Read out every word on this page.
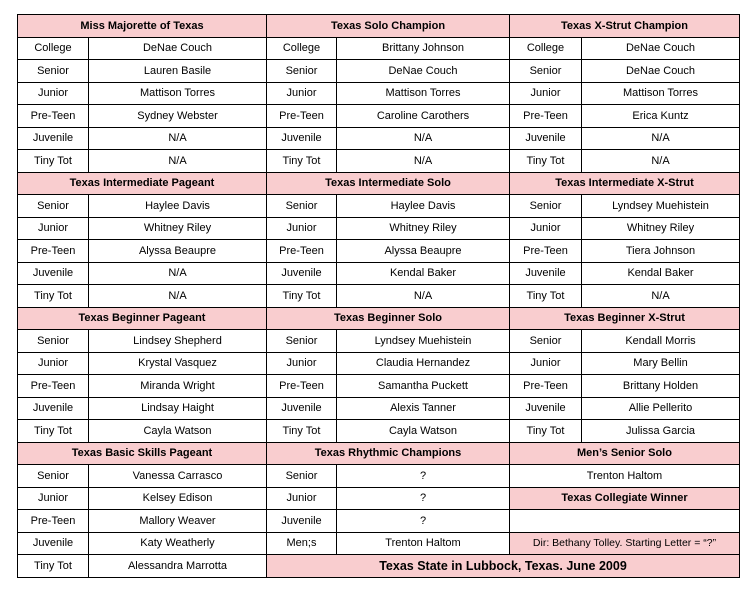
Miss Majorette of Texas		Texas Solo Champion		Texas X-Strut Champion	
College	DeNae Couch	College	Brittany Johnson	College	DeNae Couch
Senior	Lauren Basile	Senior	DeNae Couch	Senior	DeNae Couch
Junior	Mattison Torres	Junior	Mattison Torres	Junior	Mattison Torres
Pre-Teen	Sydney Webster	Pre-Teen	Caroline Carothers	Pre-Teen	Erica Kuntz
Juvenile	N/A	Juvenile	N/A	Juvenile	N/A
Tiny Tot	N/A	Tiny Tot	N/A	Tiny Tot	N/A
Texas Intermediate Pageant		Texas Intermediate Solo		Texas Intermediate X-Strut	
Senior	Haylee Davis	Senior	Haylee Davis	Senior	Lyndsey Muehistein
Junior	Whitney Riley	Junior	Whitney Riley	Junior	Whitney Riley
Pre-Teen	Alyssa Beaupre	Pre-Teen	Alyssa Beaupre	Pre-Teen	Tiera Johnson
Juvenile	N/A	Juvenile	Kendal Baker	Juvenile	Kendal Baker
Tiny Tot	N/A	Tiny Tot	N/A	Tiny Tot	N/A
Texas Beginner Pageant		Texas Beginner Solo		Texas Beginner X-Strut	
Senior	Lindsey Shepherd	Senior	Lyndsey Muehistein	Senior	Kendall Morris
Junior	Krystal Vasquez	Junior	Claudia Hernandez	Junior	Mary Bellin
Pre-Teen	Miranda Wright	Pre-Teen	Samantha Puckett	Pre-Teen	Brittany Holden
Juvenile	Lindsay Haight	Juvenile	Alexis Tanner	Juvenile	Allie Pellerito
Tiny Tot	Cayla Watson	Tiny Tot	Cayla Watson	Tiny Tot	Julissa Garcia
Texas Basic Skills Pageant		Texas Rhythmic Champions		Men’s Senior Solo	
Senior	Vanessa Carrasco	Senior	?	Trenton Haltom	
Junior	Kelsey Edison	Junior	?	Texas Collegiate Winner	
Pre-Teen	Mallory Weaver	Juvenile	?		
Juvenile	Katy Weatherly	Men;s	Trenton Haltom	Dir: Bethany Tolley. Starting Letter = “?”	
Tiny Tot	Alessandra Marrotta	Texas State in Lubbock, Texas. June 2009			
